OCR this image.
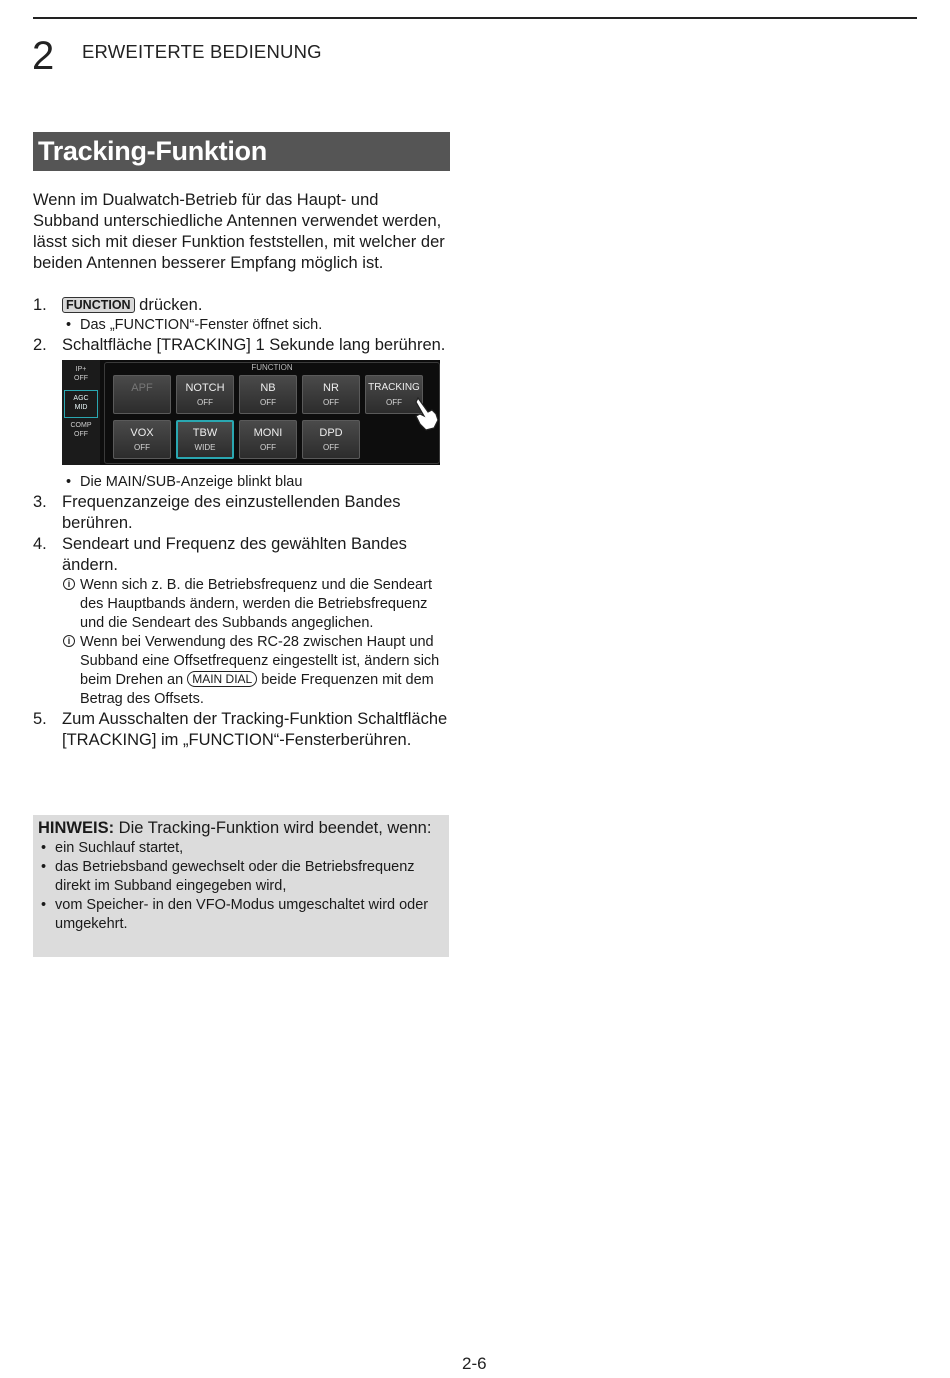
2 ERWEITERTE BEDIENUNG
Tracking-Funktion

Wenn im Dualwatch-Betrieb für das Haupt- und Subband unterschiedliche Antennen verwendet werden, lässt sich mit dieser Funktion feststellen, mit welcher der beiden Antennen besserer Empfang möglich ist.

1. FUNCTION drücken.
• Das „FUNCTION“-Fenster öffnet sich.
2. Schaltfläche [TRACKING] 1 Sekunde lang berühren.
IP+
OFF
AGC
MID
COMP
OFF
FUNCTION
APF	NOTCH
OFF
NB
OFF
NR
OFF
TRACKING
OFF
VOX
OFF
TBW
WIDE
MONI
OFF
DPD
OFF
• Die MAIN/SUB-Anzeige blinkt blau
3. Frequenzanzeige des einzustellenden Bandes berühren.
4. Sendeart und Frequenz des gewählten Bandes ändern.
i Wenn sich z. B. die Betriebsfrequenz und die Sendeart des Hauptbands ändern, werden die Betriebsfrequenz und die Sendeart des Subbands angeglichen.
i Wenn bei Verwendung des RC-28 zwischen Haupt und Subband eine Offsetfrequenz eingestellt ist, ändern sich beim Drehen an MAIN DIAL beide Frequenzen mit dem Betrag des Offsets.
5. Zum Ausschalten der Tracking-Funktion Schaltfläche [TRACKING] im „FUNCTION“-Fensterberühren.
HINWEIS: Die Tracking-Funktion wird beendet, wenn:
• ein Suchlauf startet,
• das Betriebsband gewechselt oder die Betriebsfrequenz direkt im Subband eingegeben wird,
• vom Speicher- in den VFO-Modus umgeschaltet wird oder umgekehrt.
2-6
